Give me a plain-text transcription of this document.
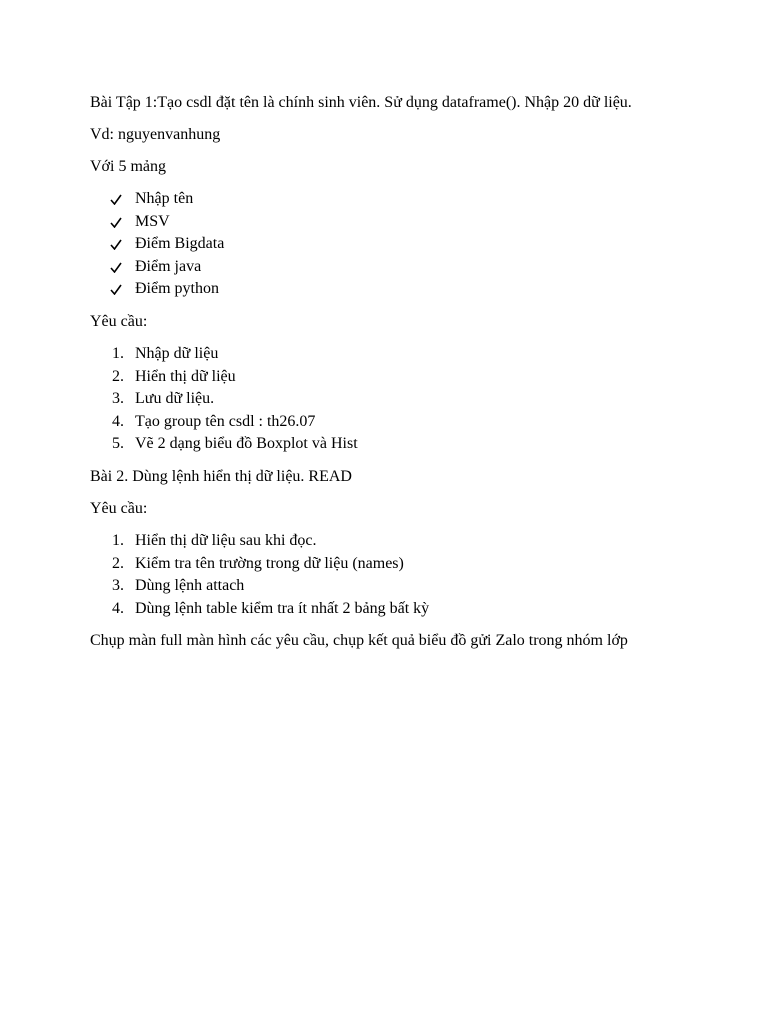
Bài Tập 1:Tạo csdl đặt tên là chính sinh viên. Sử dụng dataframe(). Nhập 20 dữ liệu.

Vd: nguyenvanhung

Với 5 mảng

Nhập tên
MSV
Điểm Bigdata
Điểm java
Điểm python

Yêu cầu:

1. Nhập dữ liệu
2. Hiển thị dữ liệu
3. Lưu dữ liệu.
4. Tạo group tên csdl : th26.07
5. Vẽ 2 dạng biểu đồ Boxplot và Hist

Bài 2. Dùng lệnh hiển thị dữ liệu. READ

Yêu cầu:

1. Hiển thị dữ liệu sau khi đọc.
2. Kiểm tra tên trường trong dữ liệu (names)
3. Dùng lệnh attach
4. Dùng lệnh table kiểm tra ít nhất 2 bảng bất kỳ

Chụp màn full màn hình các yêu cầu, chụp kết quả biểu đồ gửi Zalo trong nhóm lớp
